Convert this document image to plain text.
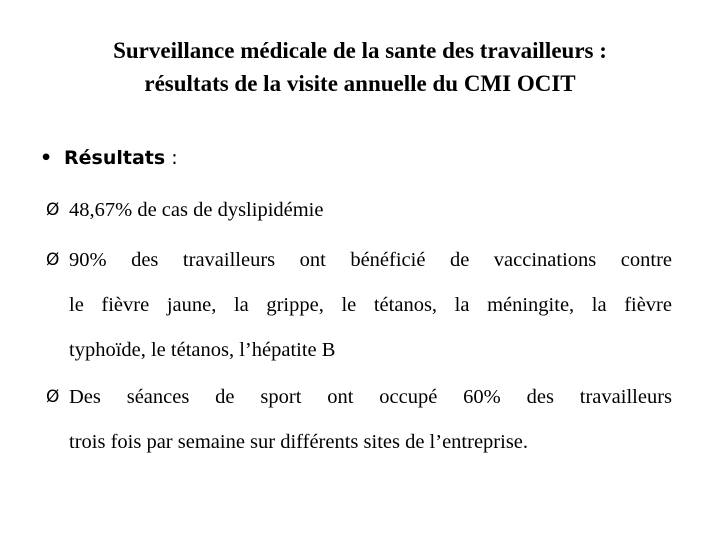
Surveillance médicale de la sante des travailleurs :
résultats de la visite annuelle du CMI OCIT
• Résultats :
Ø 48,67% de cas de dyslipidémie
Ø 90% des travailleurs ont bénéficié de vaccinations contre
le fièvre jaune, la grippe, le tétanos, la méningite, la fièvre
typhoïde, le tétanos, l’hépatite B
Ø Des séances de sport ont occupé 60% des travailleurs
trois fois par semaine sur différents sites de l’entreprise.
